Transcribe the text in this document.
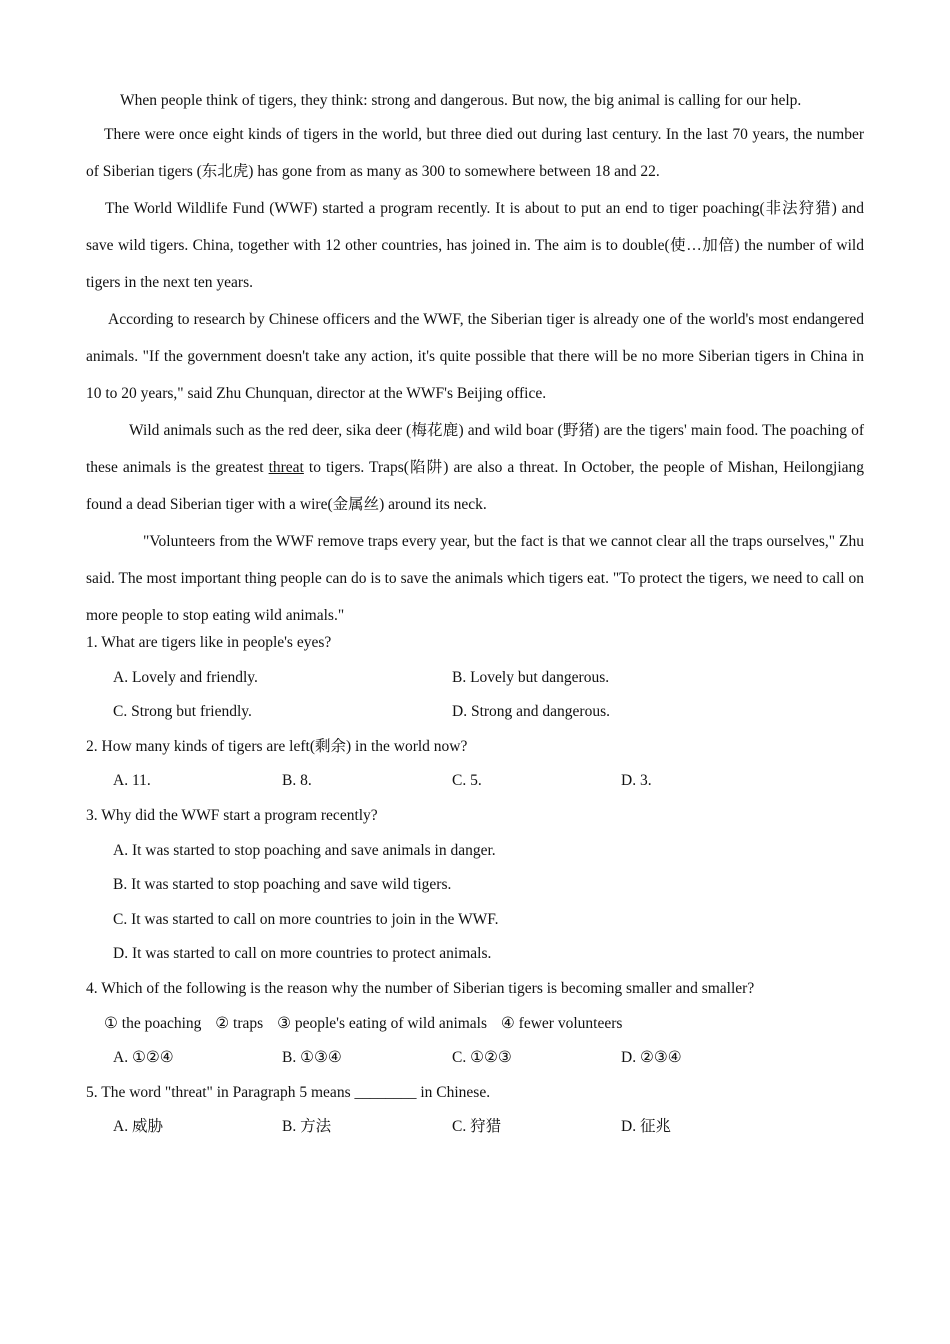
When people think of tigers, they think: strong and dangerous. But now, the big animal is calling for our help.

There were once eight kinds of tigers in the world, but three died out during last century. In the last 70 years, the number of Siberian tigers (东北虎) has gone from as many as 300 to somewhere between 18 and 22.

The World Wildlife Fund (WWF) started a program recently. It is about to put an end to tiger poaching(非法狩猎) and save wild tigers. China, together with 12 other countries, has joined in. The aim is to double(使…加倍) the number of wild tigers in the next ten years.

According to research by Chinese officers and the WWF, the Siberian tiger is already one of the world's most endangered animals. "If the government doesn't take any action, it's quite possible that there will be no more Siberian tigers in China in 10 to 20 years," said Zhu Chunquan, director at the WWF's Beijing office.

Wild animals such as the red deer, sika deer (梅花鹿) and wild boar (野猪) are the tigers' main food. The poaching of these animals is the greatest threat to tigers. Traps(陷阱) are also a threat. In October, the people of Mishan, Heilongjiang found a dead Siberian tiger with a wire(金属丝) around its neck.

"Volunteers from the WWF remove traps every year, but the fact is that we cannot clear all the traps ourselves," Zhu said. The most important thing people can do is to save the animals which tigers eat. "To protect the tigers, we need to call on more people to stop eating wild animals."

1. What are tigers like in people's eyes?
A. Lovely and friendly.	B. Lovely but dangerous.
C. Strong but friendly.	D. Strong and dangerous.
2. How many kinds of tigers are left(剩余) in the world now?
A. 11.	B. 8.	C. 5.	D. 3.
3. Why did the WWF start a program recently?
A. It was started to stop poaching and save animals in danger.
B. It was started to stop poaching and save wild tigers.
C. It was started to call on more countries to join in the WWF.
D. It was started to call on more countries to protect animals.
4. Which of the following is the reason why the number of Siberian tigers is becoming smaller and smaller?
① the poaching ② traps ③ people's eating of wild animals ④ fewer volunteers
A. ①②④	B. ①③④	C. ①②③	D. ②③④
5. The word "threat" in Paragraph 5 means ________ in Chinese.
A. 威胁	B. 方法	C. 狩猎	D. 征兆
